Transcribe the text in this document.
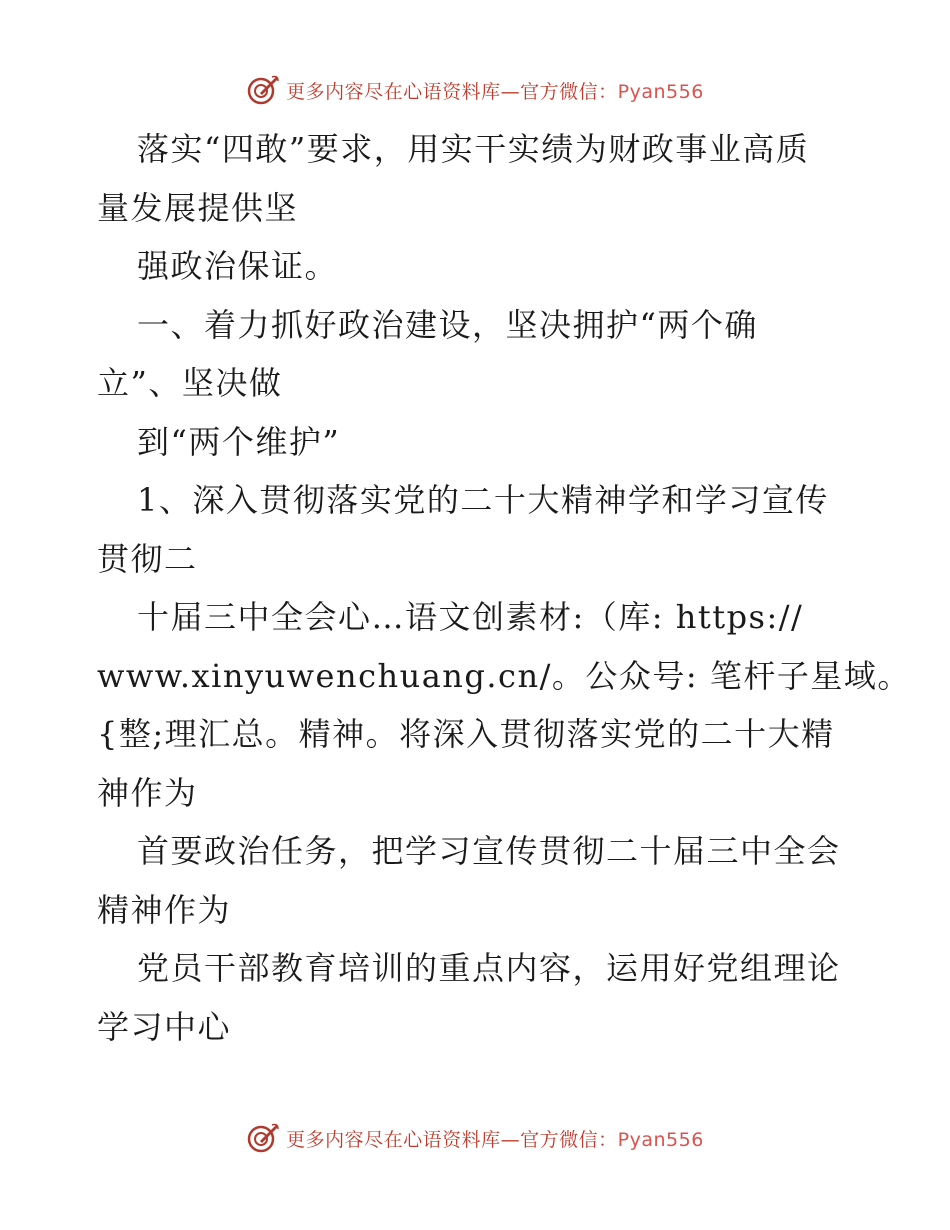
更多内容尽在心语资料库—官方微信：Pyan556
落实“四敢”要求，用实干实绩为财政事业高质
量发展提供坚
强政治保证。
一、着力抓好政治建设，坚决拥护“两个确
立”、坚决做
到“两个维护”
1、深入贯彻落实党的二十大精神学和学习宣传
贯彻二
十届三中全会心…语文创素材:（库: https://
www.xinyuwenchuang.cn/。公众号: 笔杆子星域。
{整;理汇总。精神。将深入贯彻落实党的二十大精
神作为
首要政治任务，把学习宣传贯彻二十届三中全会
精神作为
党员干部教育培训的重点内容，运用好党组理论
学习中心
更多内容尽在心语资料库—官方微信：Pyan556
